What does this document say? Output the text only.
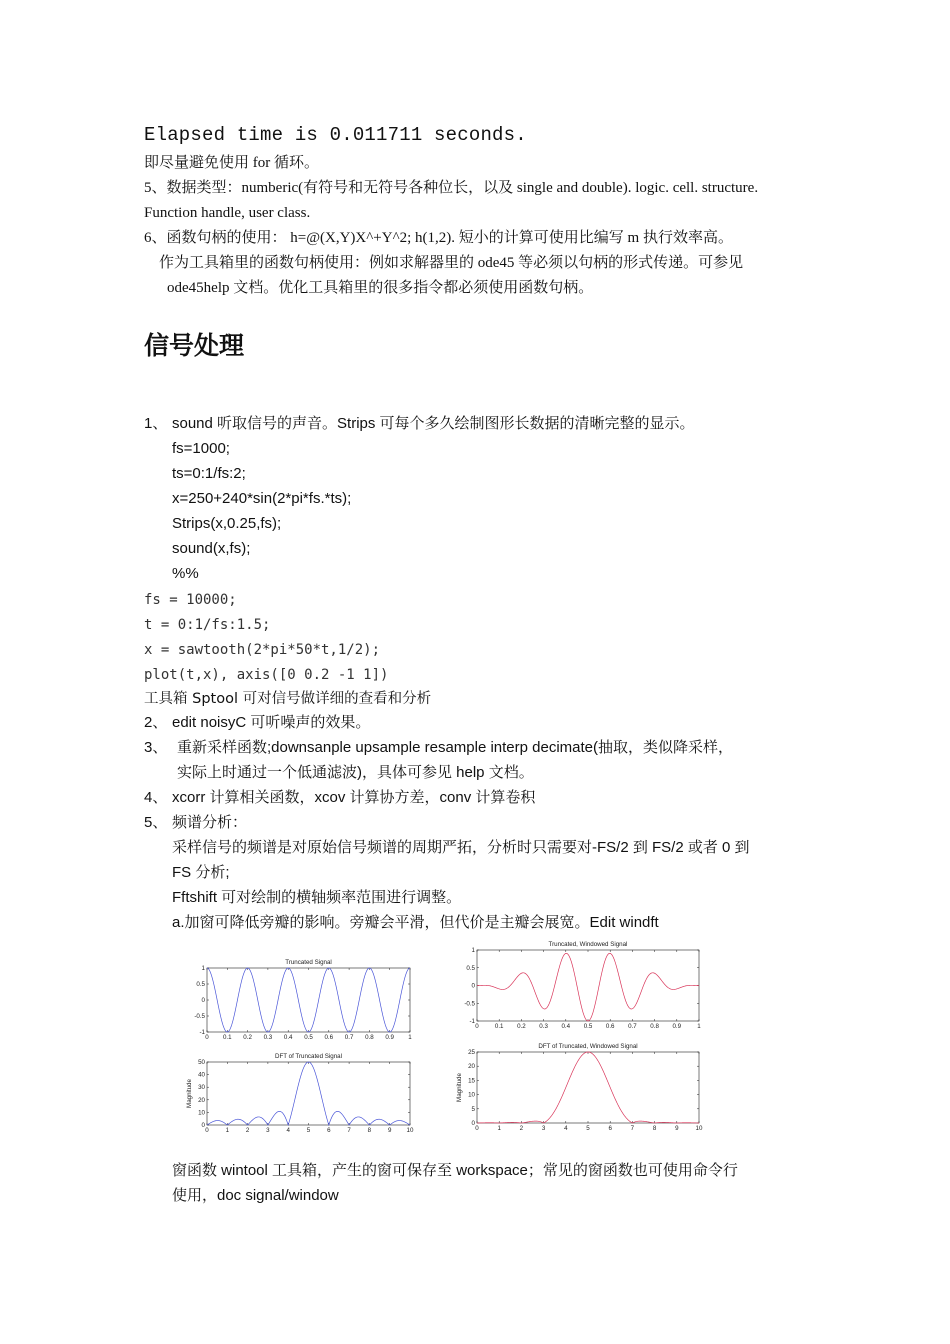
Elapsed time is 0.011711 seconds.
即尽量避免使用 for 循环。
5、数据类型：numberic(有符号和无符号各种位长，以及 single and double). logic. cell. structure.
Function handle, user class.
6、函数句柄的使用： h=@(X,Y)X^+Y^2; h(1,2). 短小的计算可使用比编写 m 执行效率高。
作为工具箱里的函数句柄使用：例如求解器里的 ode45 等必须以句柄的形式传递。可参见
ode45help 文档。优化工具箱里的很多指令都必须使用函数句柄。
信号处理
1、 sound 听取信号的声音。Strips 可每个多久绘制图形长数据的清晰完整的显示。
fs=1000;
ts=0:1/fs:2;
x=250+240*sin(2*pi*fs.*ts);
Strips(x,0.25,fs);
sound(x,fs);
%%
fs = 10000;
t = 0:1/fs:1.5;
x = sawtooth(2*pi*50*t,1/2);
plot(t,x), axis([0 0.2 -1 1])
工具箱 Sptool 可对信号做详细的查看和分析
2、 edit noisyC 可听噪声的效果。
3、 重新采样函数;downsanple upsample resample interp decimate(抽取，类似降采样，
实际上时通过一个低通滤波)，具体可参见 help 文档。
4、 xcorr 计算相关函数，xcov 计算协方差，conv 计算卷积
5、 频谱分析：
采样信号的频谱是对原始信号频谱的周期严拓，分析时只需要对-FS/2 到 FS/2 或者 0 到
FS 分析;
Fftshift 可对绘制的横轴频率范围进行调整。
a.加窗可降低旁瓣的影响。旁瓣会平滑，但代价是主瓣会展宽。Edit windft
Truncated Signal
0 0.1 0.2 0.3 0.4 0.5 0.6 0.7 0.8 0.9 1
-1
-0.5
0
0.5
1
DFT of Truncated Signal
0	1	2	3	4	5	6	7	8	9 10
0
10
20
30
40
50
Magnitude
Truncated, Windowed Signal
0	0.1 0.2 0.3 0.4 0.5 0.6 0.7 0.8 0.9	1
-1
-0.5
0
0.5
1
DFT of Truncated, Windowed Signal
0	1	2	3	4	5	6	7	8	9	10
0
5
10
15
20
25
Magnitude
窗函数 wintool 工具箱，产生的窗可保存至 workspace；常见的窗函数也可使用命令行
使用，doc signal/window
